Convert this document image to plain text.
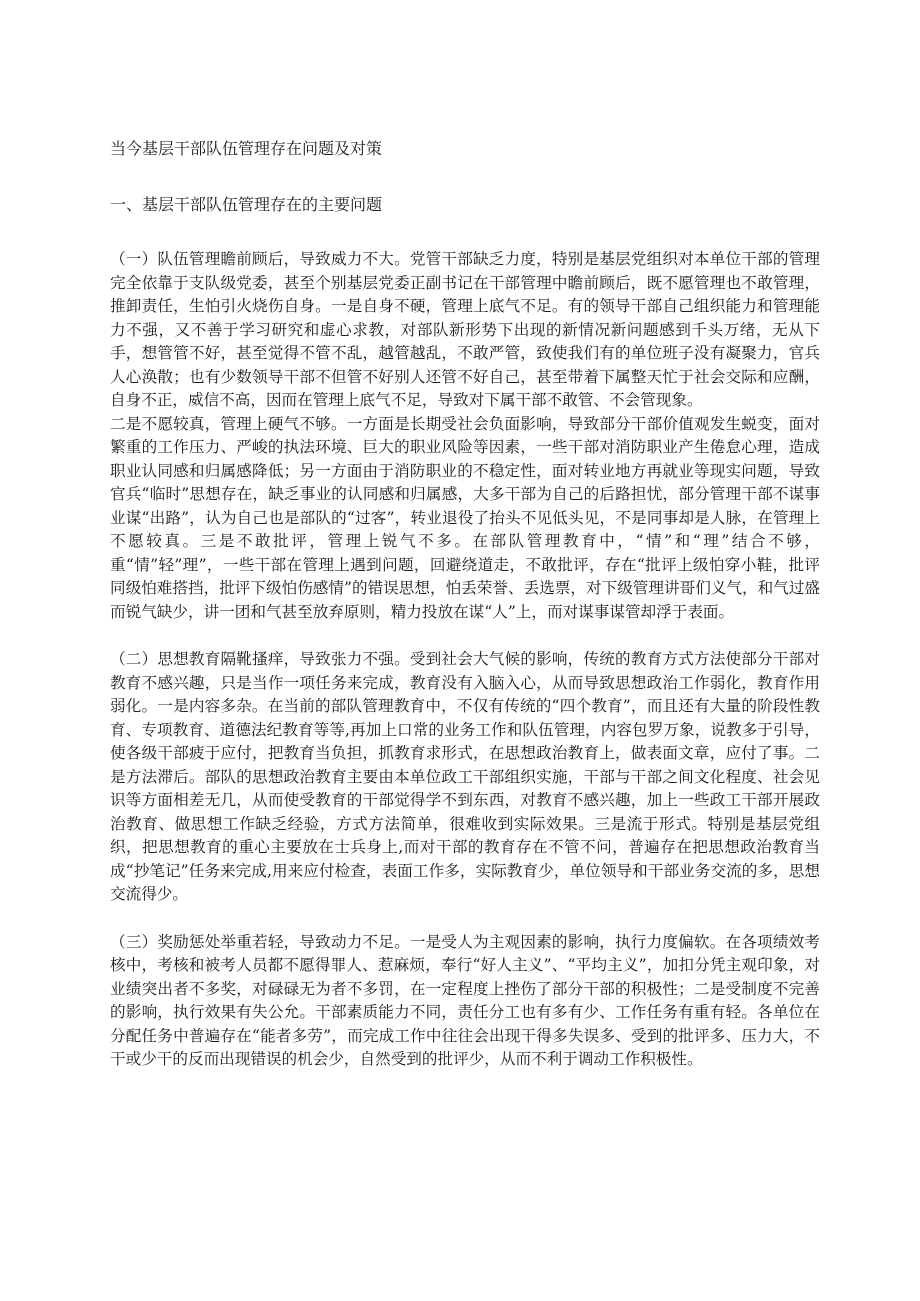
当今基层干部队伍管理存在问题及对策

一、基层干部队伍管理存在的主要问题

（一）队伍管理瞻前顾后，导致威力不大。党管干部缺乏力度，特别是基层党组织对本单位干部的管理完全依靠于支队级党委，甚至个别基层党委正副书记在干部管理中瞻前顾后，既不愿管理也不敢管理，推卸责任，生怕引火烧伤自身。一是自身不硬，管理上底气不足。有的领导干部自己组织能力和管理能力不强，又不善于学习研究和虚心求教，对部队新形势下出现的新情况新问题感到千头万绪，无从下手，想管管不好，甚至觉得不管不乱，越管越乱，不敢严管，致使我们有的单位班子没有凝聚力，官兵人心涣散；也有少数领导干部不但管不好别人还管不好自己，甚至带着下属整天忙于社会交际和应酬，自身不正，威信不高，因而在管理上底气不足，导致对下属干部不敢管、不会管现象。

二是不愿较真，管理上硬气不够。一方面是长期受社会负面影响，导致部分干部价值观发生蜕变，面对繁重的工作压力、严峻的执法环境、巨大的职业风险等因素，一些干部对消防职业产生倦怠心理，造成职业认同感和归属感降低；另一方面由于消防职业的不稳定性，面对转业地方再就业等现实问题，导致官兵“临时”思想存在，缺乏事业的认同感和归属感，大多干部为自己的后路担忧，部分管理干部不谋事业谋“出路”，认为自己也是部队的“过客”，转业退役了抬头不见低头见，不是同事却是人脉，在管理上不愿较真。三是不敢批评，管理上锐气不多。在部队管理教育中，“情”和“理”结合不够，重“情”轻”理”，一些干部在管理上遇到问题，回避绕道走，不敢批评，存在“批评上级怕穿小鞋，批评同级怕难搭挡，批评下级怕伤感情”的错误思想，怕丢荣誉、丢选票，对下级管理讲哥们义气，和气过盛而锐气缺少，讲一团和气甚至放弃原则，精力投放在谋“人”上，而对谋事谋管却浮于表面。

（二）思想教育隔靴搔痒，导致张力不强。受到社会大气候的影响，传统的教育方式方法使部分干部对教育不感兴趣，只是当作一项任务来完成，教育没有入脑入心，从而导致思想政治工作弱化，教育作用弱化。一是内容多杂。在当前的部队管理教育中，不仅有传统的“四个教育”，而且还有大量的阶段性教育、专项教育、道德法纪教育等等,再加上口常的业务工作和队伍管理，内容包罗万象，说教多于引导，使各级干部疲于应付，把教育当负担，抓教育求形式，在思想政治教育上，做表面文章，应付了事。二是方法滞后。部队的思想政治教育主要由本单位政工干部组织实施，干部与干部之间文化程度、社会见识等方面相差无几，从而使受教育的干部觉得学不到东西，对教育不感兴趣，加上一些政工干部开展政治教育、做思想工作缺乏经验，方式方法简单，很难收到实际效果。三是流于形式。特别是基层党组织，把思想教育的重心主要放在士兵身上,而对干部的教育存在不管不问，普遍存在把思想政治教育当成“抄笔记”任务来完成,用来应付检查，表面工作多，实际教育少，单位领导和干部业务交流的多，思想交流得少。

（三）奖励惩处举重若轻，导致动力不足。一是受人为主观因素的影响，执行力度偏软。在各项绩效考核中，考核和被考人员都不愿得罪人、惹麻烦，奉行“好人主义”、“平均主义”，加扣分凭主观印象，对业绩突出者不多奖，对碌碌无为者不多罚，在一定程度上挫伤了部分干部的积极性；二是受制度不完善的影响，执行效果有失公允。干部素质能力不同，责任分工也有多有少、工作任务有重有轻。各单位在分配任务中普遍存在“能者多劳”，而完成工作中往往会出现干得多失误多、受到的批评多、压力大，不干或少干的反而出现错误的机会少，自然受到的批评少，从而不利于调动工作积极性。
